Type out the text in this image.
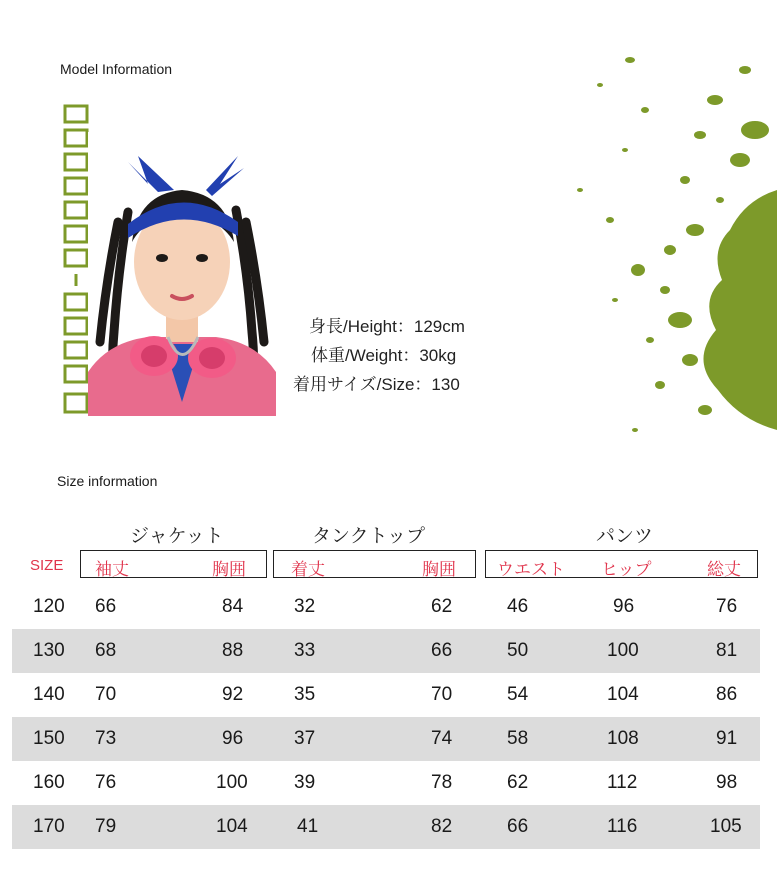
Model Information
身長/Height：129cm
体重/Weight：30kg
着用サイズ/Size：130
Size information
ジャケット	タンクトップ	パンツ
SIZE 袖丈	胸囲	着丈	胸囲 ウエスト ヒップ	総丈
120 66	84	32	62	46	96	76
130 68	88	33	66	50	100	81
140 70	92	35	70	54	104	86
150 73	96	37	74	58	108	91
160 76	100 39	78	62	112	98
170 79	104	41	82	66	116	105
